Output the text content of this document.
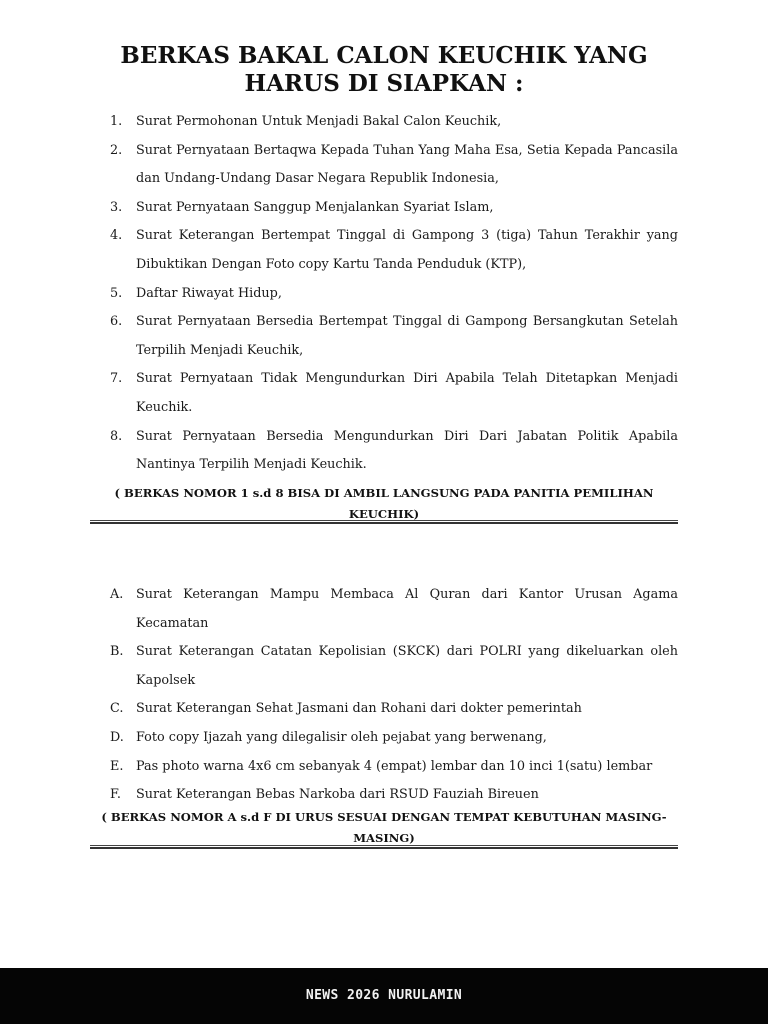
BERKAS BAKAL CALON KEUCHIK YANG HARUS DI SIAPKAN :
1.	Surat Permohonan Untuk Menjadi Bakal Calon Keuchik,
2.	Surat Pernyataan Bertaqwa Kepada Tuhan Yang Maha Esa, Setia Kepada Pancasila dan Undang-Undang Dasar Negara Republik Indonesia,
3.	Surat Pernyataan Sanggup Menjalankan Syariat Islam,
4.	Surat Keterangan Bertempat Tinggal di Gampong 3 (tiga) Tahun Terakhir yang Dibuktikan Dengan Foto copy Kartu Tanda Penduduk (KTP),
5.	Daftar Riwayat Hidup,
6.	Surat Pernyataan Bersedia Bertempat Tinggal di Gampong Bersangkutan Setelah Terpilih Menjadi Keuchik,
7.	Surat Pernyataan Tidak Mengundurkan Diri Apabila Telah Ditetapkan Menjadi Keuchik.
8.	Surat Pernyataan Bersedia Mengundurkan Diri Dari Jabatan Politik Apabila Nantinya Terpilih Menjadi Keuchik.

( BERKAS NOMOR 1 s.d 8 BISA DI AMBIL LANGSUNG PADA PANITIA PEMILIHAN KEUCHIK)

A. Surat Keterangan Mampu Membaca Al Quran dari Kantor Urusan Agama Kecamatan
B. Surat Keterangan Catatan Kepolisian (SKCK) dari POLRI yang dikeluarkan oleh Kapolsek
C. Surat Keterangan Sehat Jasmani dan Rohani dari dokter pemerintah
D. Foto copy Ijazah yang dilegalisir oleh pejabat yang berwenang,
E. Pas photo warna 4x6 cm sebanyak 4 (empat) lembar dan 10 inci 1(satu) lembar
F.	Surat Keterangan Bebas Narkoba dari RSUD Fauziah Bireuen

( BERKAS NOMOR A s.d F DI URUS SESUAI DENGAN TEMPAT KEBUTUHAN MASING-MASING)

NEWS 2026 NURULAMIN
